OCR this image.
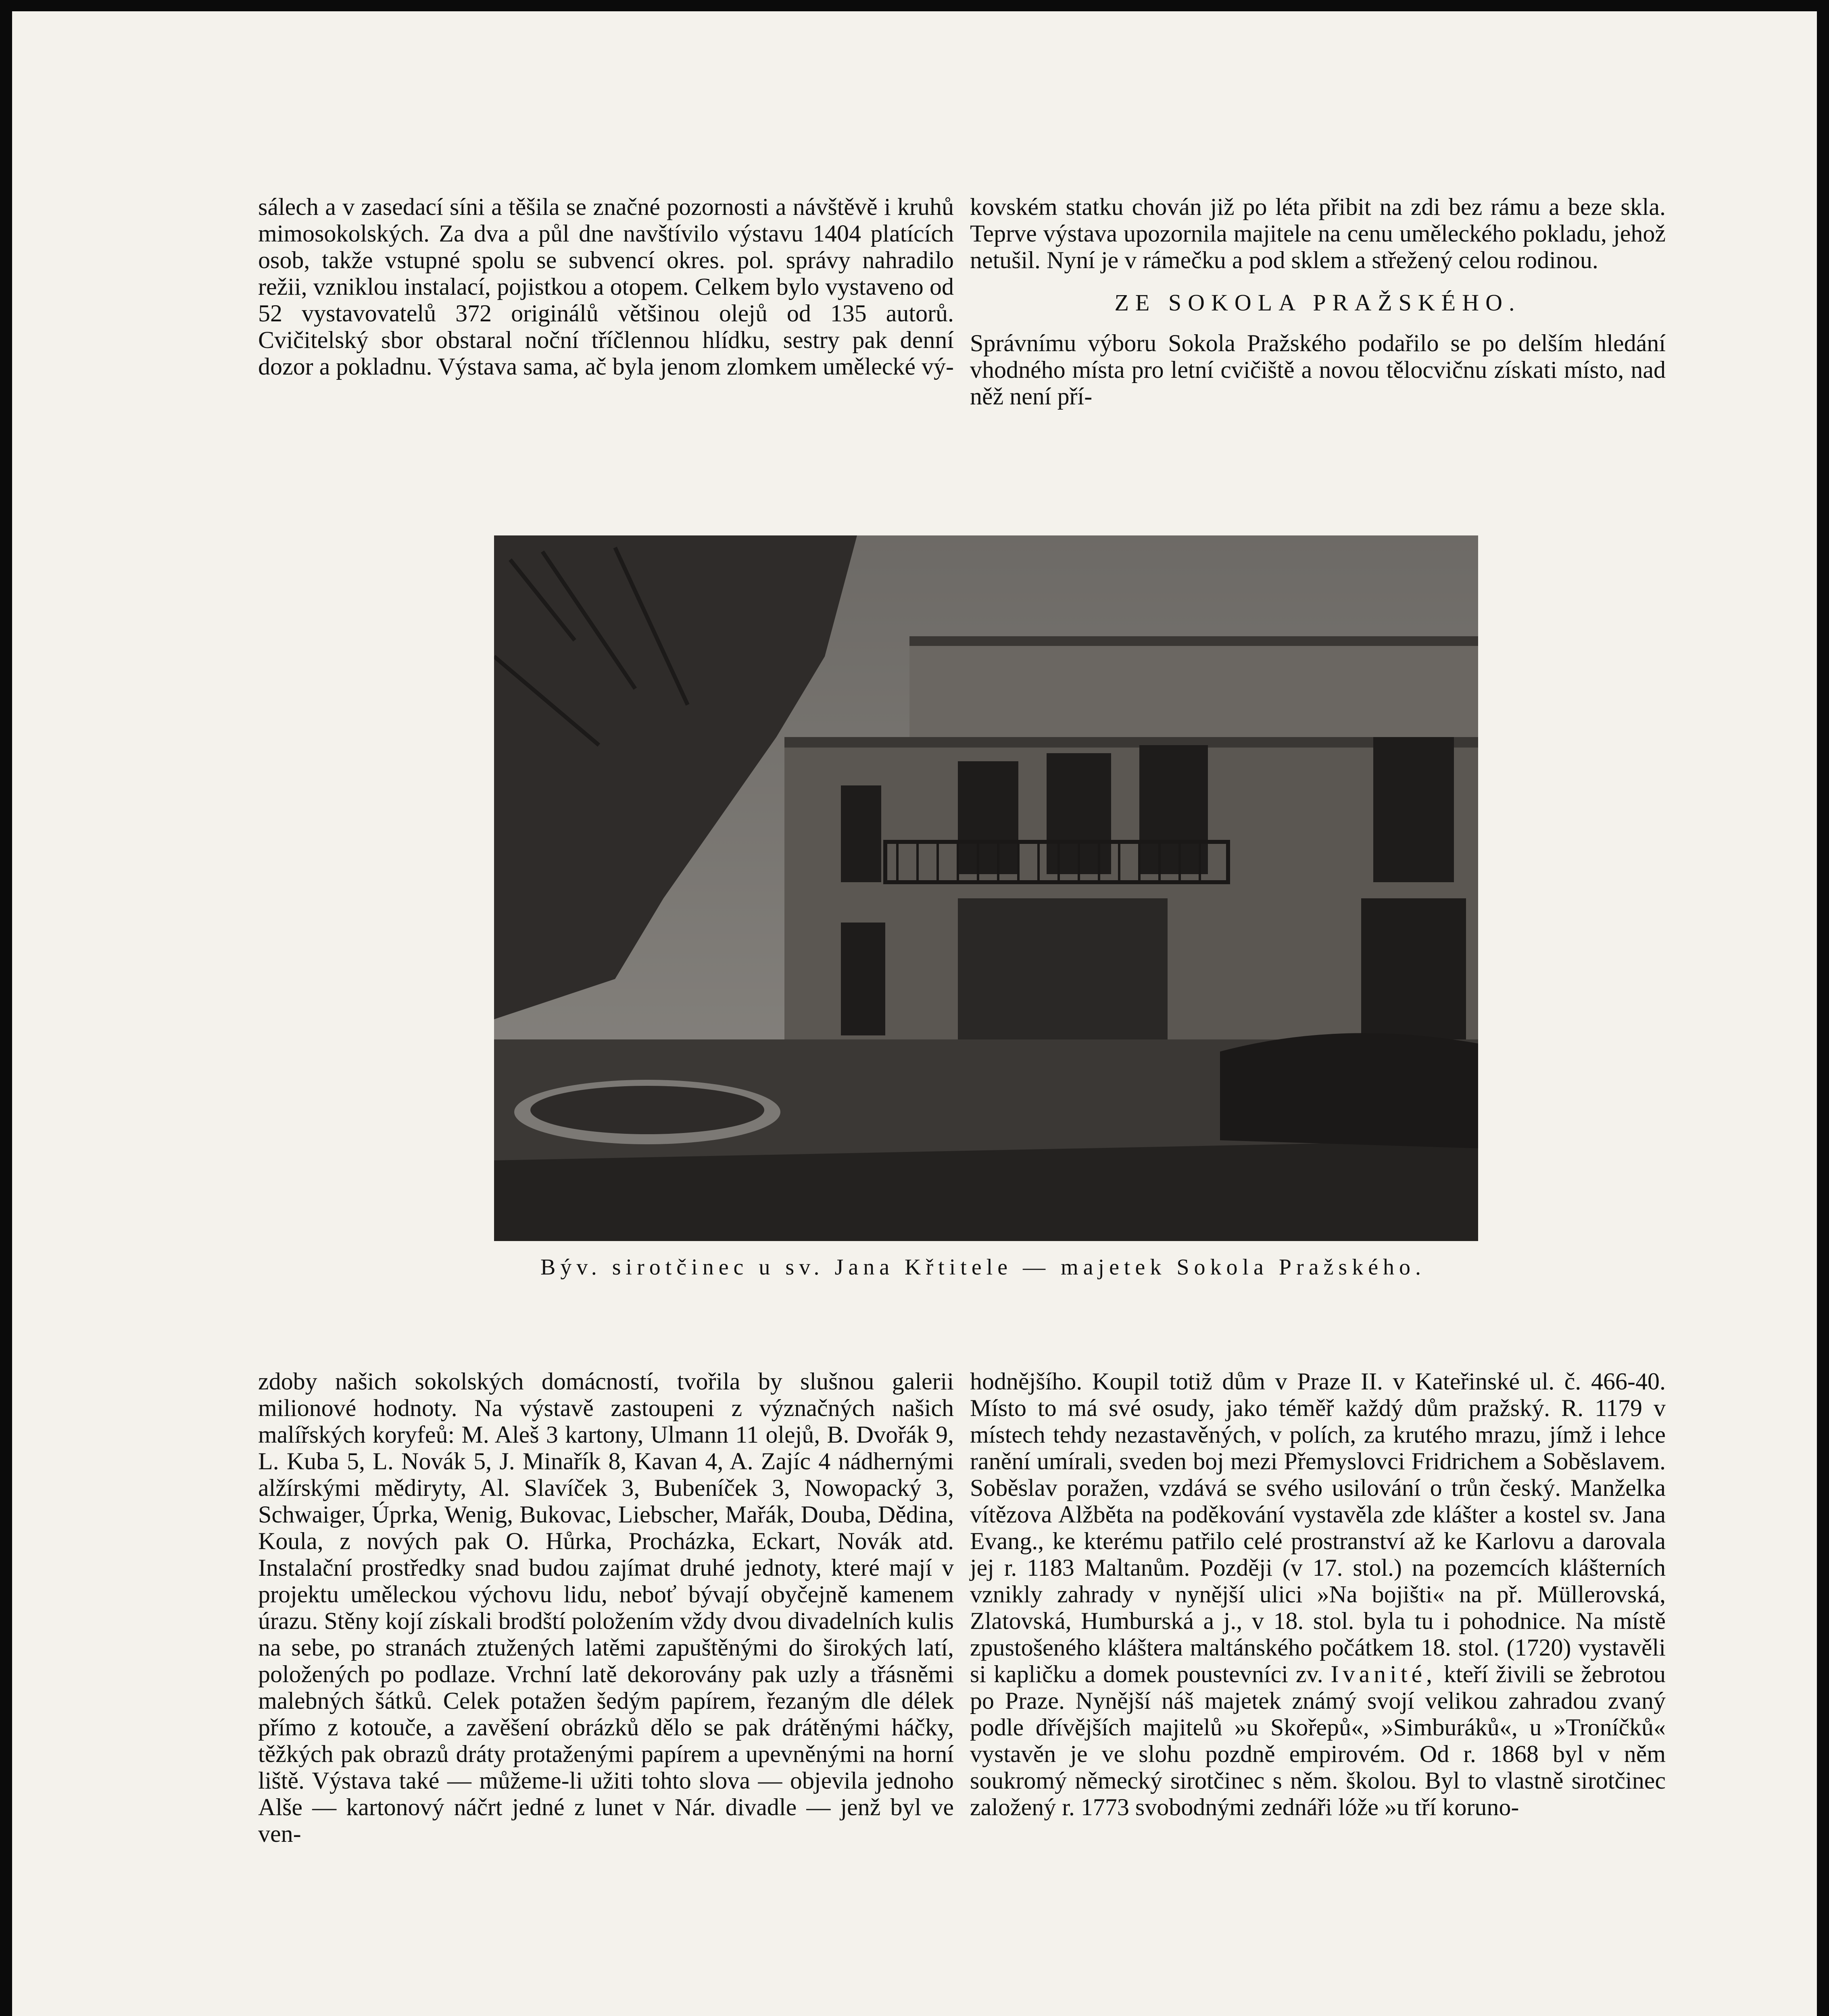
sálech a v zasedací síni a těšila se značné pozornosti a návštěvě i kruhů mimosokolských. Za dva a půl dne navštívilo výstavu 1404 platících osob, takže vstupné spolu se subvencí okres. pol. správy nahradilo režii, vzniklou instalací, pojistkou a otopem. Celkem bylo vystaveno od 52 vystavovatelů 372 originálů většinou olejů od 135 autorů. Cvičitelský sbor obstaral noční tříčlennou hlídku, sestry pak denní dozor a pokladnu. Výstava sama, ač byla jenom zlomkem umělecké vý-

kovském statku chován již po léta přibit na zdi bez rámu a beze skla. Teprve výstava upozornila majitele na cenu uměleckého pokladu, jehož netušil. Nyní je v rámečku a pod sklem a střežený celou rodinou.

ZE SOKOLA PRAŽSKÉHO.

Správnímu výboru Sokola Pražského podařilo se po delším hledání vhodného místa pro letní cvičiště a novou tělocvičnu získati místo, nad něž není pří-

Býv. sirotčinec u sv. Jana Křtitele — majetek Sokola Pražského.

zdoby našich sokolských domácností, tvořila by slušnou galerii milionové hodnoty. Na výstavě zastoupeni z význačných našich malířských koryfeů: M. Aleš 3 kartony, Ulmann 11 olejů, B. Dvořák 9, L. Kuba 5, L. Novák 5, J. Minařík 8, Kavan 4, A. Zajíc 4 nádhernými alžírskými mědiryty, Al. Slavíček 3, Bubeníček 3, Nowopacký 3, Schwaiger, Úprka, Wenig, Bukovac, Liebscher, Mařák, Douba, Dědina, Koula, z nových pak O. Hůrka, Procházka, Eckart, Novák atd. Instalační prostředky snad budou zajímat druhé jednoty, které mají v projektu uměleckou výchovu lidu, neboť bývají obyčejně kamenem úrazu. Stěny kojí získali brodští položením vždy dvou divadelních kulis na sebe, po stranách ztužených latěmi zapuštěnými do širokých latí, položených po podlaze. Vrchní latě dekorovány pak uzly a třásněmi malebných šátků. Celek potažen šedým papírem, řezaným dle délek přímo z kotouče, a zavěšení obrázků dělo se pak drátěnými háčky, těžkých pak obrazů dráty protaženými papírem a upevněnými na horní liště. Výstava také — můžeme-li užiti tohto slova — objevila jednoho Alše — kartonový náčrt jedné z lunet v Nár. divadle — jenž byl ve ven-

hodnějšího. Koupil totiž dům v Praze II. v Kateřinské ul. č. 466-40. Místo to má své osudy, jako téměř každý dům pražský. R. 1179 v místech tehdy nezastavěných, v polích, za krutého mrazu, jímž i lehce ranění umírali, sveden boj mezi Přemyslovci Fridrichem a Soběslavem. Soběslav poražen, vzdává se svého usilování o trůn český. Manželka vítězova Alžběta na poděkování vystavěla zde klášter a kostel sv. Jana Evang., ke kterému patřilo celé prostranství až ke Karlovu a darovala jej r. 1183 Maltanům. Později (v 17. stol.) na pozemcích klášterních vznikly zahrady v nynější ulici »Na bojišti« na př. Müllerovská, Zlatovská, Humburská a j., v 18. stol. byla tu i pohodnice. Na místě zpustošeného kláštera maltánského počátkem 18. stol. (1720) vystavěli si kapličku a domek poustevníci zv. Ivanité, kteří živili se žebrotou po Praze. Nynější náš majetek známý svojí velikou zahradou zvaný podle dřívějších majitelů »u Skořepů«, »Simburáků«, u »Troníčků« vystavěn je ve slohu pozdně empirovém. Od r. 1868 byl v něm soukromý německý sirotčinec s něm. školou. Byl to vlastně sirotčinec založený r. 1773 svobodnými zednáři lóže »u tří koruno-
